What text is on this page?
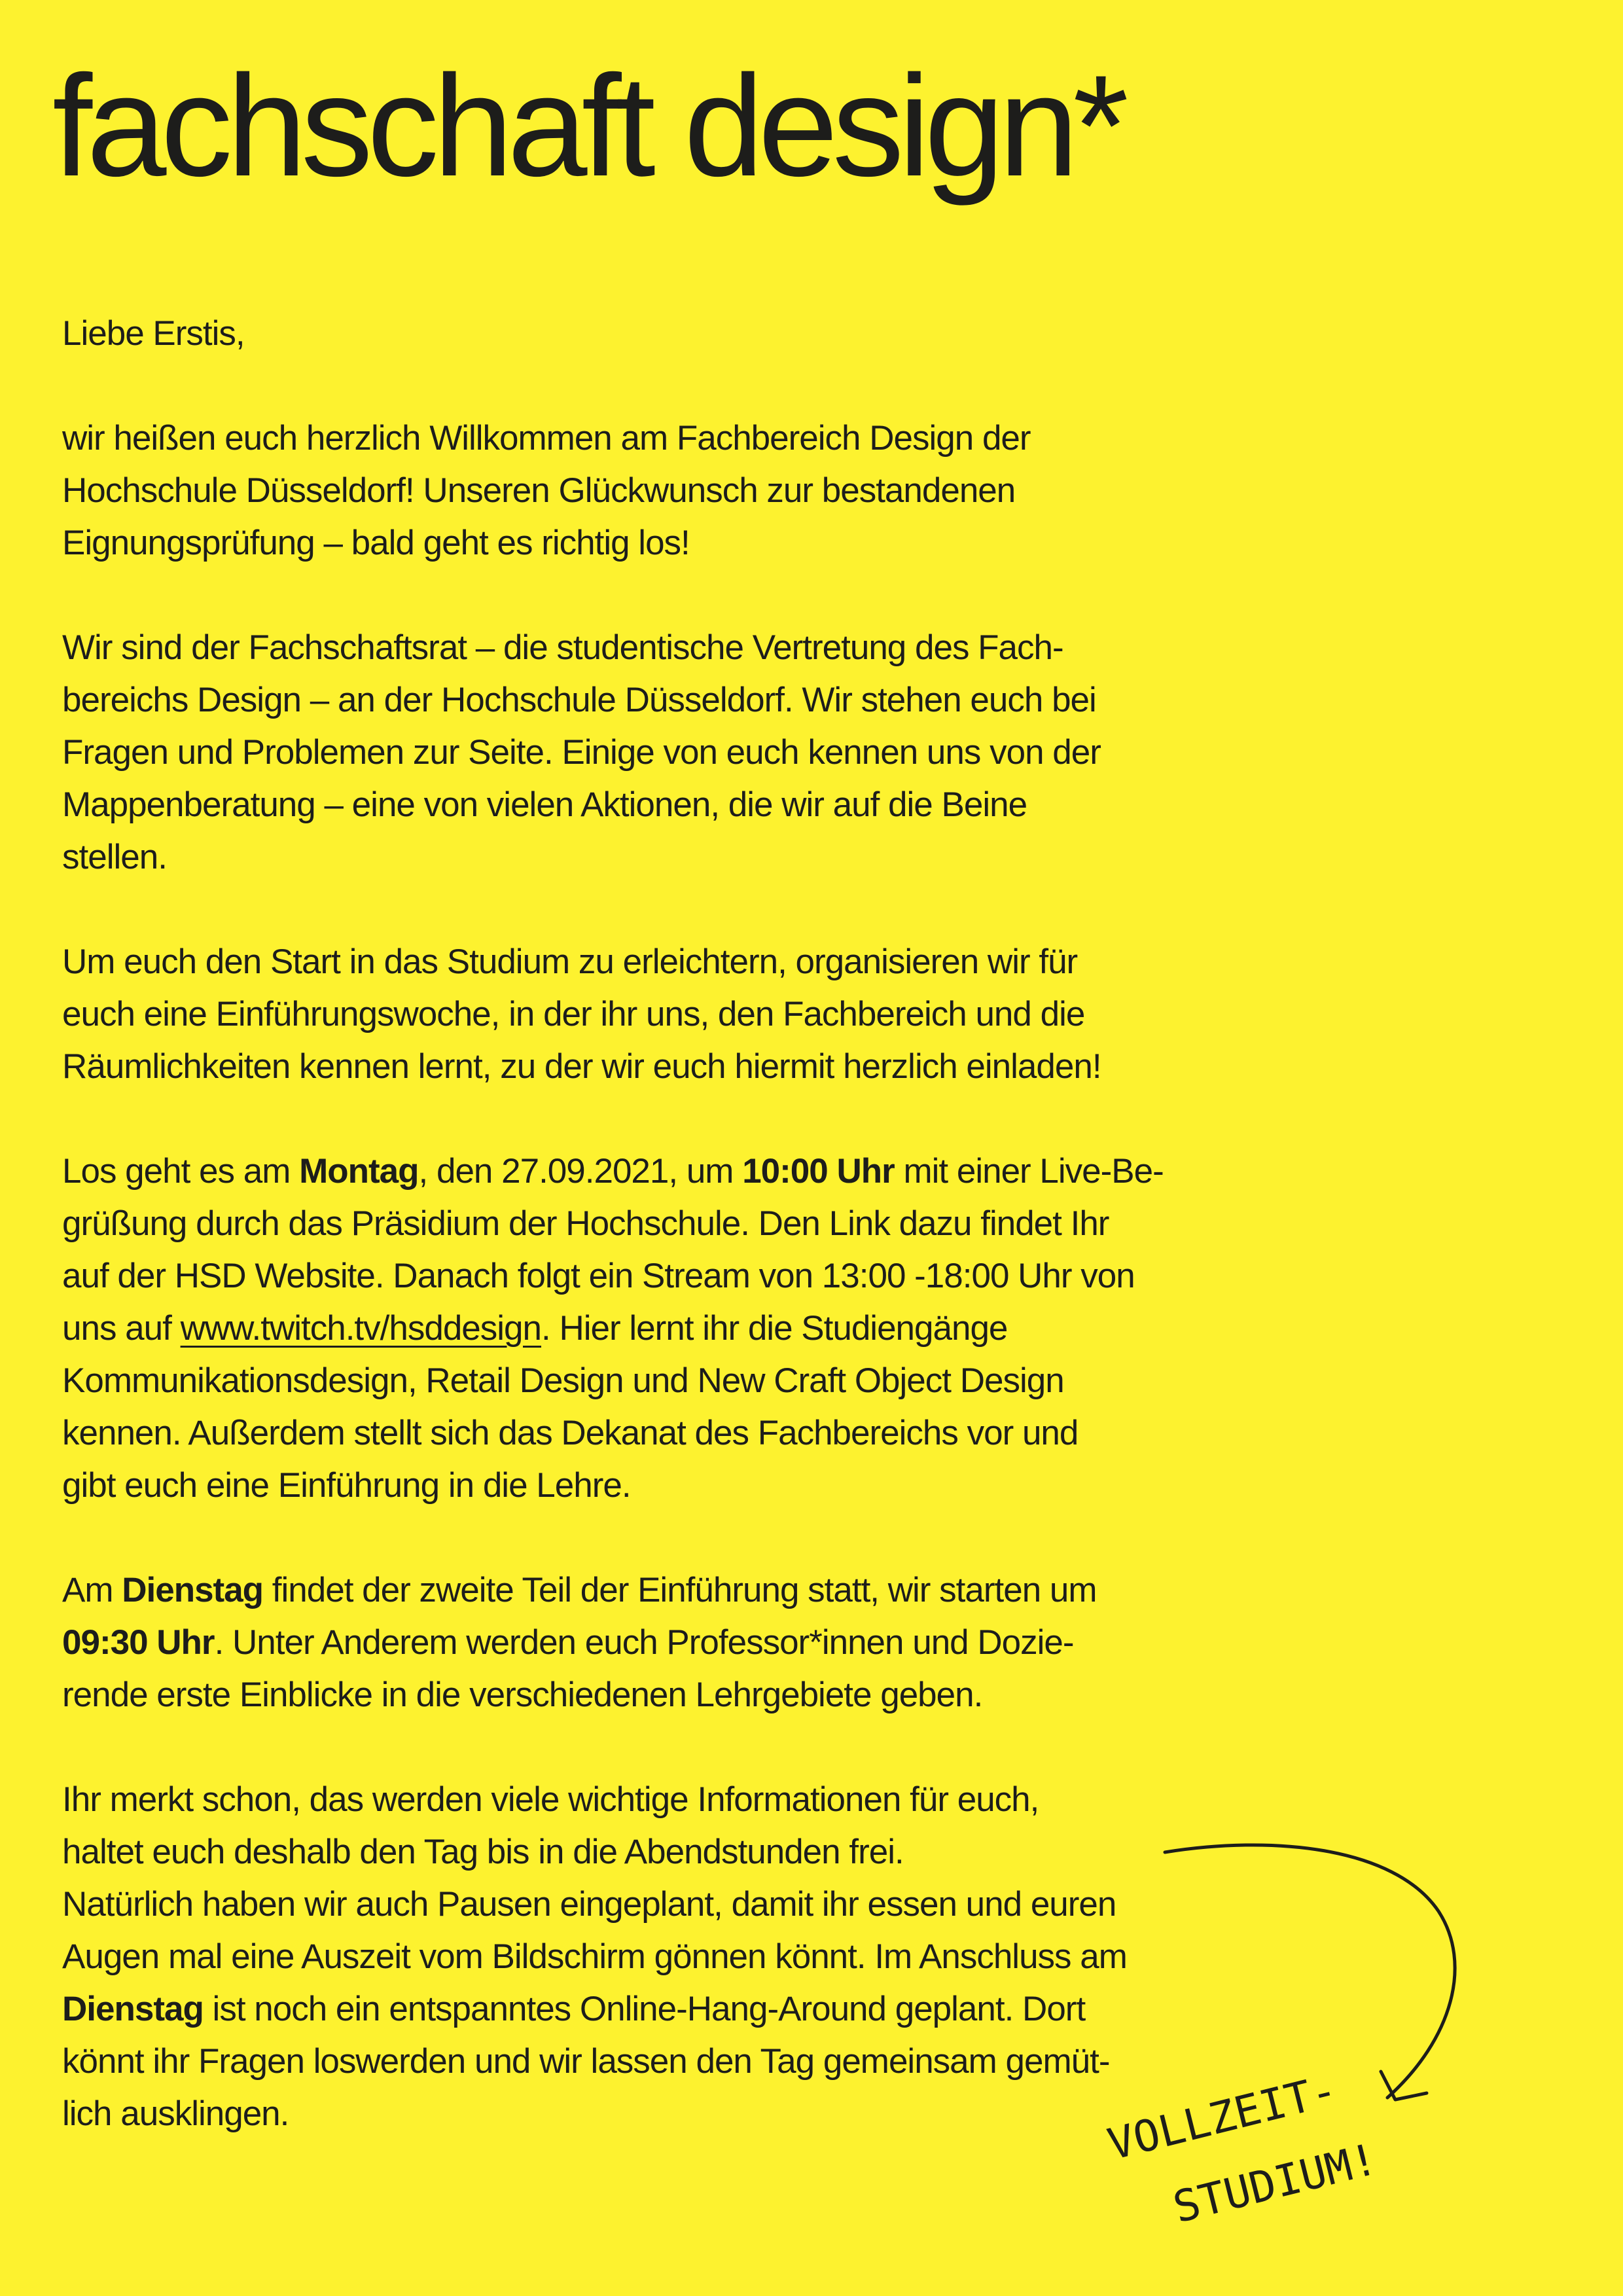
fachschaft design*

Liebe Erstis,

wir heißen euch herzlich Willkommen am Fachbereich Design der
Hochschule Düsseldorf! Unseren Glückwunsch zur bestandenen
Eignungsprüfung – bald geht es richtig los!

Wir sind der Fachschaftsrat – die studentische Vertretung des Fach-
bereichs Design – an der Hochschule Düsseldorf. Wir stehen euch bei
Fragen und Problemen zur Seite. Einige von euch kennen uns von der
Mappenberatung – eine von vielen Aktionen, die wir auf die Beine
stellen.

Um euch den Start in das Studium zu erleichtern, organisieren wir für
euch eine Einführungswoche, in der ihr uns, den Fachbereich und die
Räumlichkeiten kennen lernt, zu der wir euch hiermit herzlich einladen!

Los geht es am Montag, den 27.09.2021, um 10:00 Uhr mit einer Live-Be-
grüßung durch das Präsidium der Hochschule. Den Link dazu findet Ihr
auf der HSD Website. Danach folgt ein Stream von 13:00 -18:00 Uhr von
uns auf www.twitch.tv/hsddesign. Hier lernt ihr die Studiengänge
Kommunikationsdesign, Retail Design und New Craft Object Design
kennen. Außerdem stellt sich das Dekanat des Fachbereichs vor und
gibt euch eine Einführung in die Lehre.

Am Dienstag findet der zweite Teil der Einführung statt, wir starten um
09:30 Uhr. Unter Anderem werden euch Professor*innen und Dozie-
rende erste Einblicke in die verschiedenen Lehrgebiete geben.

Ihr merkt schon, das werden viele wichtige Informationen für euch,
haltet euch deshalb den Tag bis in die Abendstunden frei.
Natürlich haben wir auch Pausen eingeplant, damit ihr essen und euren
Augen mal eine Auszeit vom Bildschirm gönnen könnt. Im Anschluss am
Dienstag ist noch ein entspanntes Online-Hang-Around geplant. Dort
könnt ihr Fragen loswerden und wir lassen den Tag gemeinsam gemüt-
lich ausklingen.	VOLLZEIT-
STUDIUM!
